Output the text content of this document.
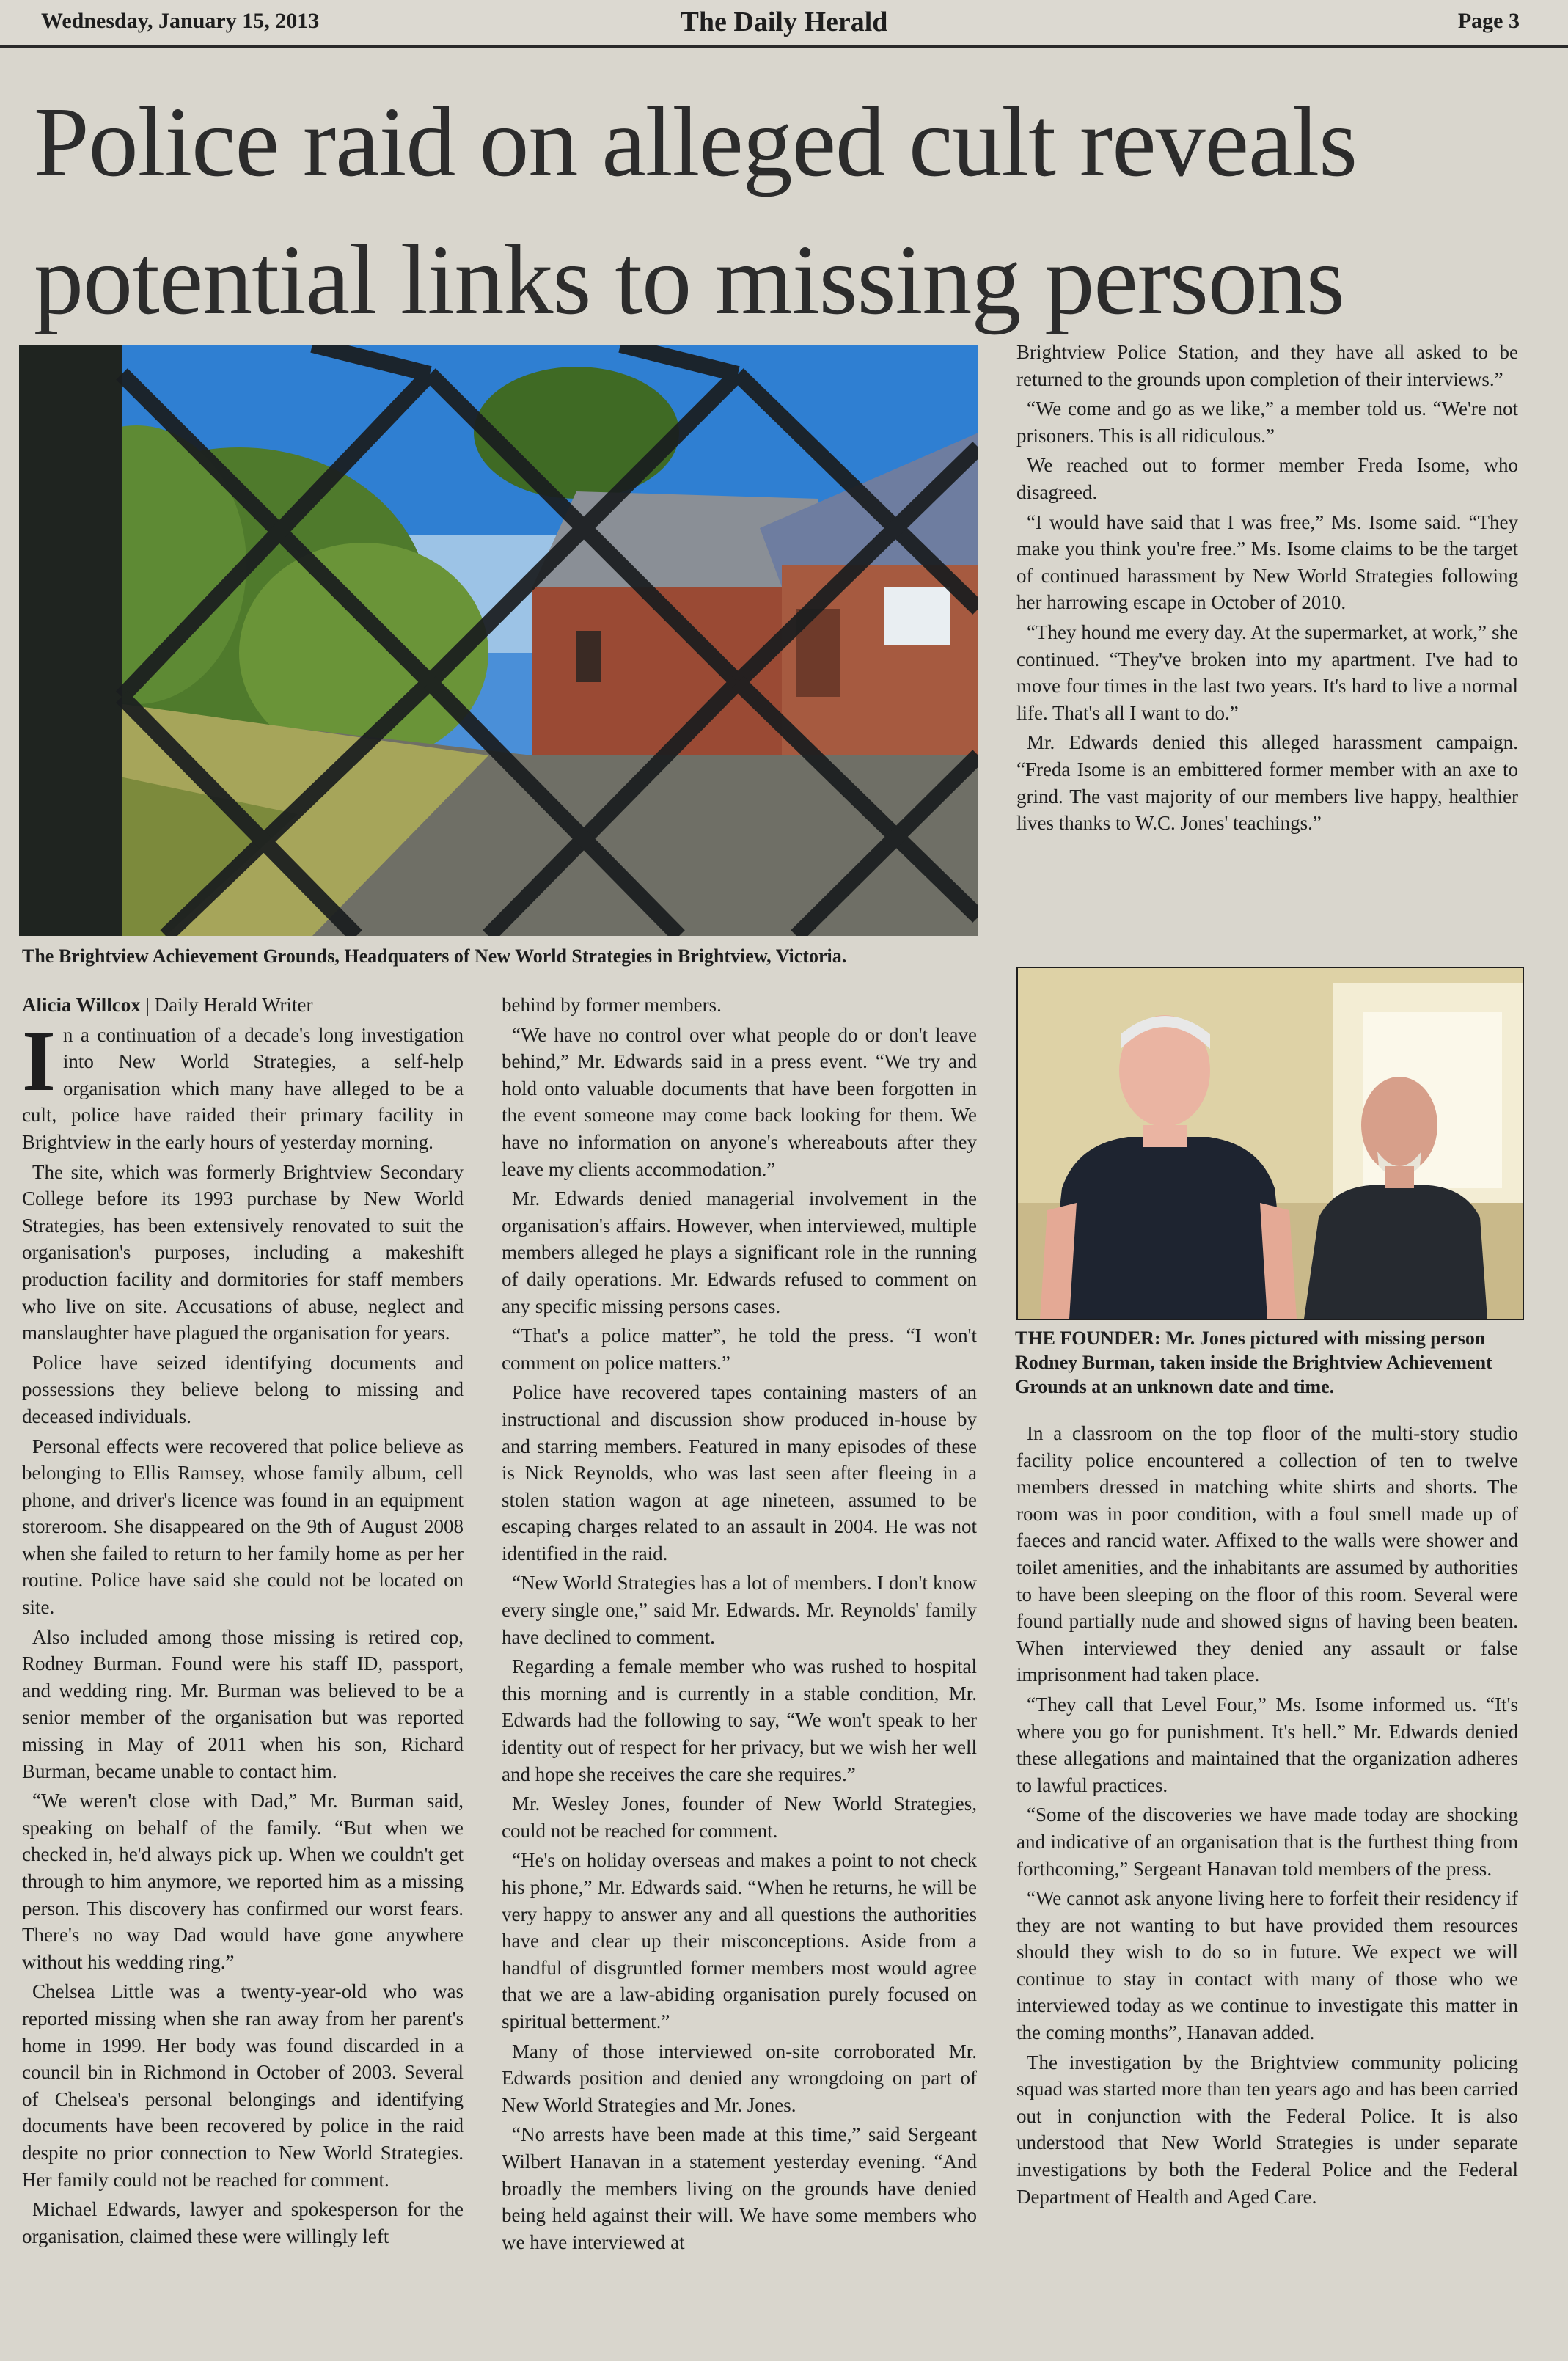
Wednesday, January 15, 2013	The Daily Herald	Page 3
Police raid on alleged cult reveals potential links to missing persons
The Brightview Achievement Grounds, Headquaters of New World Strategies in Brightview, Victoria.

Alicia Willcox | Daily Herald Writer

In a continuation of a decade's long investigation into New World Strategies, a self-help organisation which many have alleged to be a cult, police have raided their primary facility in Brightview in the early hours of yesterday morning.

The site, which was formerly Brightview Secondary College before its 1993 purchase by New World Strategies, has been extensively renovated to suit the organisation's purposes, including a makeshift production facility and dormitories for staff members who live on site. Accusations of abuse, neglect and manslaughter have plagued the organisation for years.

Police have seized identifying documents and possessions they believe belong to missing and deceased individuals.

Personal effects were recovered that police believe as belonging to Ellis Ramsey, whose family album, cell phone, and driver's licence was found in an equipment storeroom. She disappeared on the 9th of August 2008 when she failed to return to her family home as per her routine. Police have said she could not be located on site.

Also included among those missing is retired cop, Rodney Burman. Found were his staff ID, passport, and wedding ring. Mr. Burman was believed to be a senior member of the organisation but was reported missing in May of 2011 when his son, Richard Burman, became unable to contact him.

“We weren't close with Dad,” Mr. Burman said, speaking on behalf of the family. “But when we checked in, he'd always pick up. When we couldn't get through to him anymore, we reported him as a missing person. This discovery has confirmed our worst fears. There's no way Dad would have gone anywhere without his wedding ring.”

Chelsea Little was a twenty-year-old who was reported missing when she ran away from her parent's home in 1999. Her body was found discarded in a council bin in Richmond in October of 2003. Several of Chelsea's personal belongings and identifying documents have been recovered by police in the raid despite no prior connection to New World Strategies. Her family could not be reached for comment.

Michael Edwards, lawyer and spokesperson for the organisation, claimed these were willingly left

behind by former members.

“We have no control over what people do or don't leave behind,” Mr. Edwards said in a press event. “We try and hold onto valuable documents that have been forgotten in the event someone may come back looking for them. We have no information on anyone's whereabouts after they leave my clients accommodation.”

Mr. Edwards denied managerial involvement in the organisation's affairs. However, when interviewed, multiple members alleged he plays a significant role in the running of daily operations. Mr. Edwards refused to comment on any specific missing persons cases.

“That's a police matter”, he told the press. “I won't comment on police matters.”

Police have recovered tapes containing masters of an instructional and discussion show produced in-house by and starring members. Featured in many episodes of these is Nick Reynolds, who was last seen after fleeing in a stolen station wagon at age nineteen, assumed to be escaping charges related to an assault in 2004. He was not identified in the raid.

“New World Strategies has a lot of members. I don't know every single one,” said Mr. Edwards. Mr. Reynolds' family have declined to comment.

Regarding a female member who was rushed to hospital this morning and is currently in a stable condition, Mr. Edwards had the following to say, “We won't speak to her identity out of respect for her privacy, but we wish her well and hope she receives the care she requires.”

Mr. Wesley Jones, founder of New World Strategies, could not be reached for comment.

“He's on holiday overseas and makes a point to not check his phone,” Mr. Edwards said. “When he returns, he will be very happy to answer any and all questions the authorities have and clear up their misconceptions. Aside from a handful of disgruntled former members most would agree that we are a law-abiding organisation purely focused on spiritual betterment.”

Many of those interviewed on-site corroborated Mr. Edwards position and denied any wrongdoing on part of New World Strategies and Mr. Jones.

“No arrests have been made at this time,” said Sergeant Wilbert Hanavan in a statement yesterday evening. “And broadly the members living on the grounds have denied being held against their will. We have some members who we have interviewed at

Brightview Police Station, and they have all asked to be returned to the grounds upon completion of their interviews.”

“We come and go as we like,” a member told us. “We're not prisoners. This is all ridiculous.”

We reached out to former member Freda Isome, who disagreed.

“I would have said that I was free,” Ms. Isome said. “They make you think you're free.” Ms. Isome claims to be the target of continued harassment by New World Strategies following her harrowing escape in October of 2010.

“They hound me every day. At the supermarket, at work,” she continued. “They've broken into my apartment. I've had to move four times in the last two years. It's hard to live a normal life. That's all I want to do.”

Mr. Edwards denied this alleged harassment campaign. “Freda Isome is an embittered former member with an axe to grind. The vast majority of our members live happy, healthier lives thanks to W.C. Jones' teachings.”

THE FOUNDER: Mr. Jones pictured with missing person Rodney Burman, taken inside the Brightview Achievement Grounds at an unknown date and time.

In a classroom on the top floor of the multi-story studio facility police encountered a collection of ten to twelve members dressed in matching white shirts and shorts. The room was in poor condition, with a foul smell made up of faeces and rancid water. Affixed to the walls were shower and toilet amenities, and the inhabitants are assumed by authorities to have been sleeping on the floor of this room. Several were found partially nude and showed signs of having been beaten. When interviewed they denied any assault or false imprisonment had taken place.

“They call that Level Four,” Ms. Isome informed us. “It's where you go for punishment. It's hell.” Mr. Edwards denied these allegations and maintained that the organization adheres to lawful practices.

“Some of the discoveries we have made today are shocking and indicative of an organisation that is the furthest thing from forthcoming,” Sergeant Hanavan told members of the press.

“We cannot ask anyone living here to forfeit their residency if they are not wanting to but have provided them resources should they wish to do so in future. We expect we will continue to stay in contact with many of those who we interviewed today as we continue to investigate this matter in the coming months”, Hanavan added.

The investigation by the Brightview community policing squad was started more than ten years ago and has been carried out in conjunction with the Federal Police. It is also understood that New World Strategies is under separate investigations by both the Federal Police and the Federal Department of Health and Aged Care.
